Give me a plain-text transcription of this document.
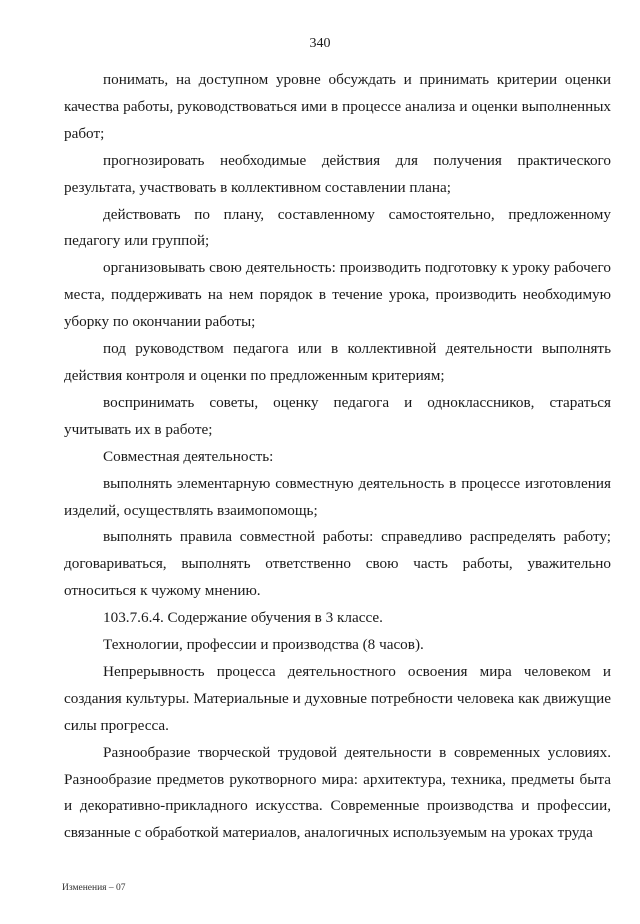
340

понимать, на доступном уровне обсуждать и принимать критерии оценки качества работы, руководствоваться ими в процессе анализа и оценки выполненных работ;

прогнозировать необходимые действия для получения практического результата, участвовать в коллективном составлении плана;

действовать по плану, составленному самостоятельно, предложенному педагогу или группой;

организовывать свою деятельность: производить подготовку к уроку рабочего места, поддерживать на нем порядок в течение урока, производить необходимую уборку по окончании работы;

под руководством педагога или в коллективной деятельности выполнять действия контроля и оценки по предложенным критериям;

воспринимать советы, оценку педагога и одноклассников, стараться учитывать их в работе;

Совместная деятельность:

выполнять элементарную совместную деятельность в процессе изготовления изделий, осуществлять взаимопомощь;

выполнять правила совместной работы: справедливо распределять работу; договариваться, выполнять ответственно свою часть работы, уважительно относиться к чужому мнению.

103.7.6.4. Содержание обучения в 3 классе.

Технологии, профессии и производства (8 часов).

Непрерывность процесса деятельностного освоения мира человеком и создания культуры. Материальные и духовные потребности человека как движущие силы прогресса.

Разнообразие творческой трудовой деятельности в современных условиях. Разнообразие предметов рукотворного мира: архитектура, техника, предметы быта и декоративно-прикладного искусства. Современные производства и профессии, связанные с обработкой материалов, аналогичных используемым на уроках труда

Изменения – 07
